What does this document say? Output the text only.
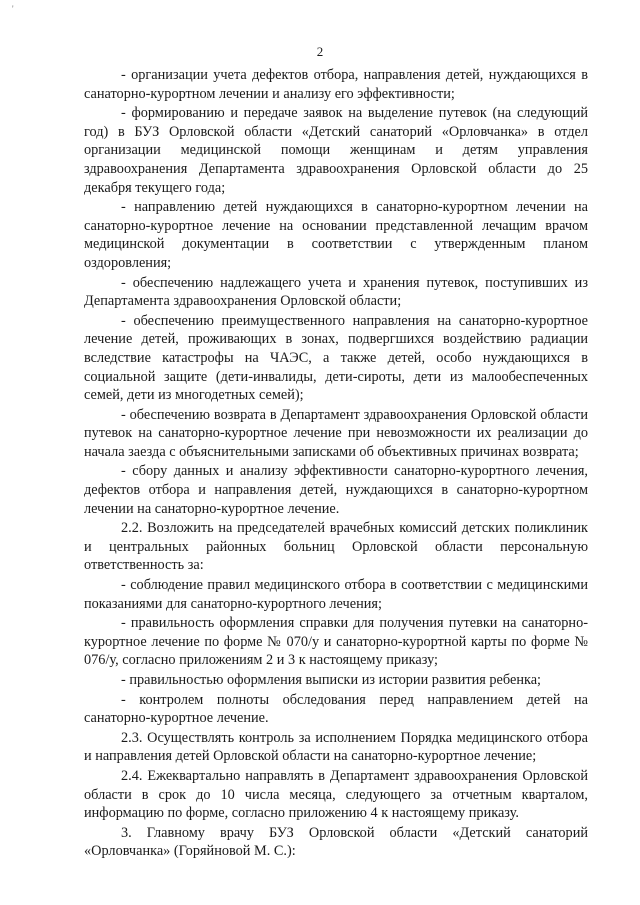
'
2

- организации учета дефектов отбора, направления детей, нуждающихся в санаторно-курортном лечении и анализу его эффективности;

- формированию и передаче заявок на выделение путевок (на следующий год) в БУЗ Орловской области «Детский санаторий «Орловчанка» в отдел организации медицинской помощи женщинам и детям управления здравоохранения Департамента здравоохранения Орловской области до 25 декабря текущего года;

- направлению детей нуждающихся в санаторно-курортном лечении на санаторно-курортное лечение на основании представленной лечащим врачом медицинской документации в соответствии с утвержденным планом оздоровления;

- обеспечению надлежащего учета и хранения путевок, поступивших из Департамента здравоохранения Орловской области;

- обеспечению преимущественного направления на санаторно-курортное лечение детей, проживающих в зонах, подвергшихся воздействию радиации вследствие катастрофы на ЧАЭС, а также детей, особо нуждающихся в социальной защите (дети-инвалиды, дети-сироты, дети из малообеспеченных семей, дети из многодетных семей);

- обеспечению возврата в Департамент здравоохранения Орловской области путевок на санаторно-курортное лечение при невозможности их реализации до начала заезда с объяснительными записками об объективных причинах возврата;

- сбору данных и анализу эффективности санаторно-курортного лечения, дефектов отбора и направления детей, нуждающихся в санаторно-курортном лечении на санаторно-курортное лечение.

2.2. Возложить на председателей врачебных комиссий детских поликлиник и центральных районных больниц Орловской области персональную ответственность за:

- соблюдение правил медицинского отбора в соответствии с медицинскими показаниями для санаторно-курортного лечения;

- правильность оформления справки для получения путевки на санаторно-курортное лечение по форме № 070/у и санаторно-курортной карты по форме № 076/у, согласно приложениям 2 и 3 к настоящему приказу;

- правильностью оформления выписки из истории развития ребенка;

- контролем полноты обследования перед направлением детей на санаторно-курортное лечение.

2.3. Осуществлять контроль за исполнением Порядка медицинского отбора и направления детей Орловской области на санаторно-курортное лечение;

2.4. Ежеквартально направлять в Департамент здравоохранения Орловской области в срок до 10 числа месяца, следующего за отчетным кварталом, информацию по форме, согласно приложению 4 к настоящему приказу.

3. Главному врачу БУЗ Орловской области «Детский санаторий «Орловчанка» (Горяйновой М. С.):
